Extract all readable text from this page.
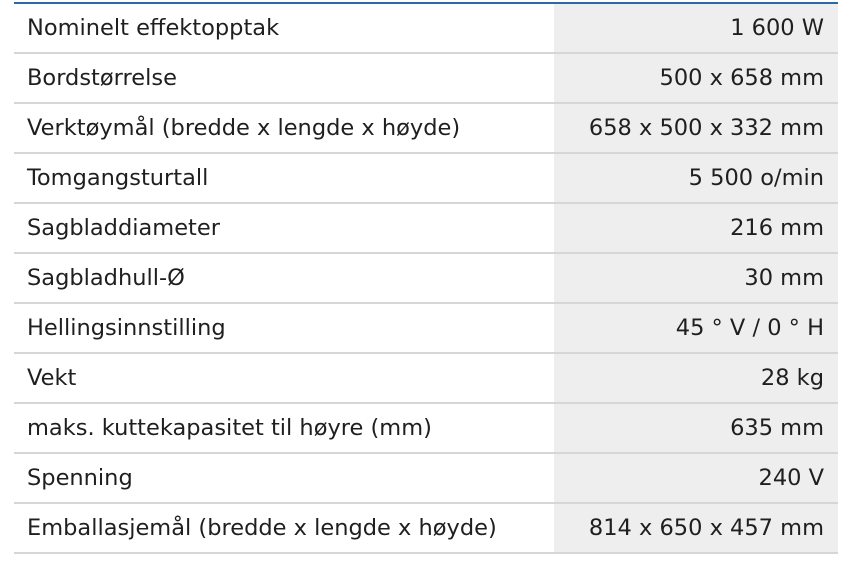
Nominelt effektopptak	1 600 W
Bordstørrelse	500 x 658 mm
Verktøymål (bredde x lengde x høyde)	658 x 500 x 332 mm
Tomgangsturtall	5 500 o/min
Sagbladdiameter	216 mm
Sagbladhull-Ø	30 mm
Hellingsinnstilling	45 ° V / 0 ° H
Vekt	28 kg
maks. kuttekapasitet til høyre (mm)	635 mm
Spenning	240 V
Emballasjemål (bredde x lengde x høyde)	814 x 650 x 457 mm
